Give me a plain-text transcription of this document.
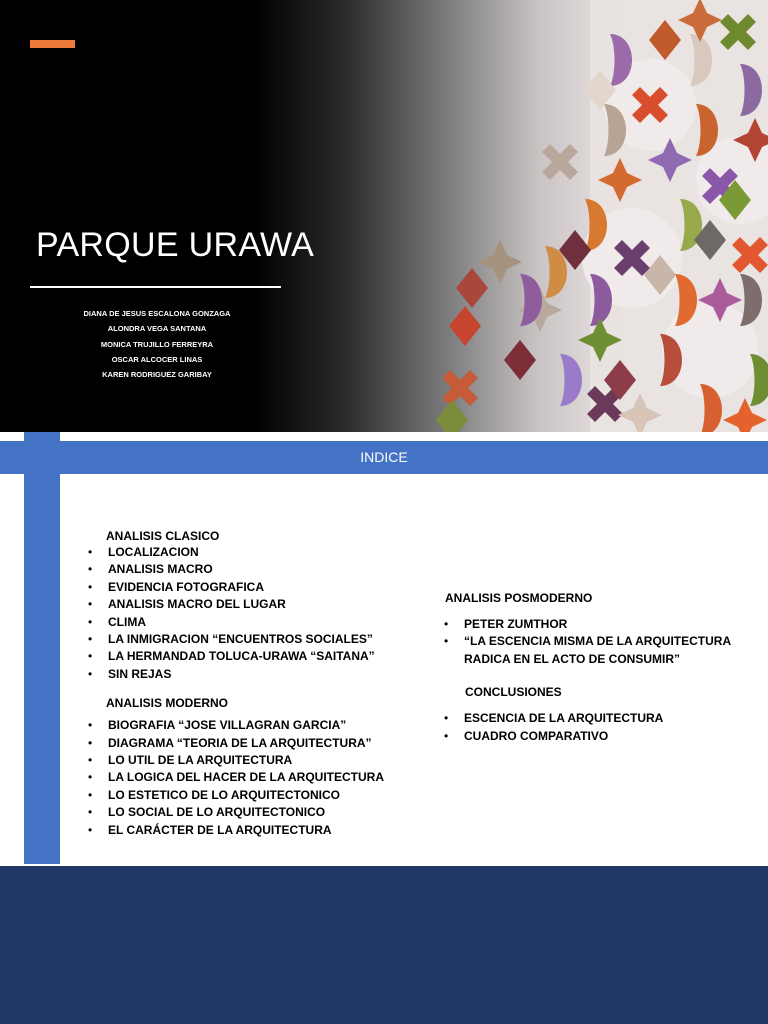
PARQUE URAWA
DIANA DE JESUS ESCALONA GONZAGA
ALONDRA VEGA SANTANA
MONICA TRUJILLO FERREYRA
OSCAR ALCOCER LINAS
KAREN RODRIGUEZ GARIBAY
INDICE
ANALISIS CLASICO
• LOCALIZACION
• ANALISIS MACRO
• EVIDENCIA FOTOGRAFICA
• ANALISIS MACRO DEL LUGAR
• CLIMA
• LA INMIGRACION “ENCUENTROS SOCIALES”
• LA HERMANDAD TOLUCA-URAWA “SAITANA”
• SIN REJAS
ANALISIS MODERNO
• BIOGRAFIA “JOSE VILLAGRAN GARCIA”
• DIAGRAMA “TEORIA DE LA ARQUITECTURA”
• LO UTIL DE LA ARQUITECTURA
• LA LOGICA DEL HACER DE LA ARQUITECTURA
• LO ESTETICO DE LO ARQUITECTONICO
• LO SOCIAL DE LO ARQUITECTONICO
• EL CARÁCTER DE LA ARQUITECTURA
ANALISIS POSMODERNO
• PETER ZUMTHOR
• “LA ESCENCIA MISMA DE LA ARQUITECTURA RADICA EN EL ACTO DE CONSUMIR”
CONCLUSIONES
• ESCENCIA DE LA ARQUITECTURA
• CUADRO COMPARATIVO
